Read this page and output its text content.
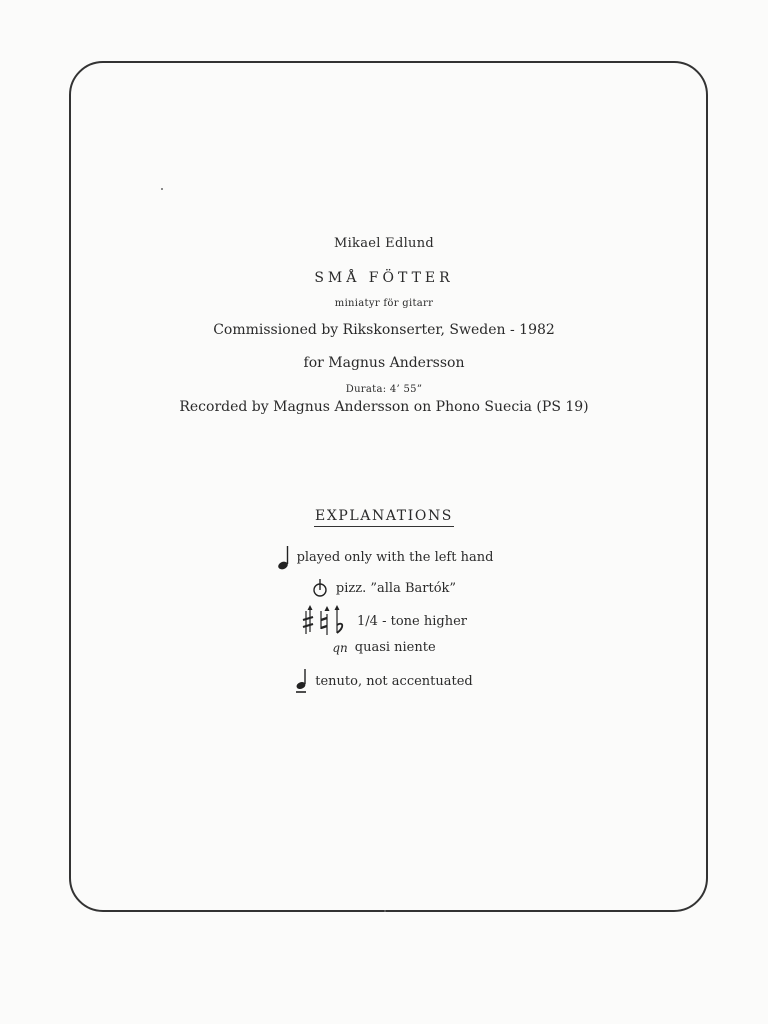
Mikael Edlund
SMÅ FÖTTER
miniatyr för gitarr
Commissioned by Rikskonserter, Sweden - 1982
for Magnus Andersson
Durata: 4’ 55”
Recorded by Magnus Andersson on Phono Suecia (PS 19)
EXPLANATIONS
played only with the left hand
pizz. ”alla Bartók”
1/4 - tone higher
qn quasi niente
tenuto, not accentuated
